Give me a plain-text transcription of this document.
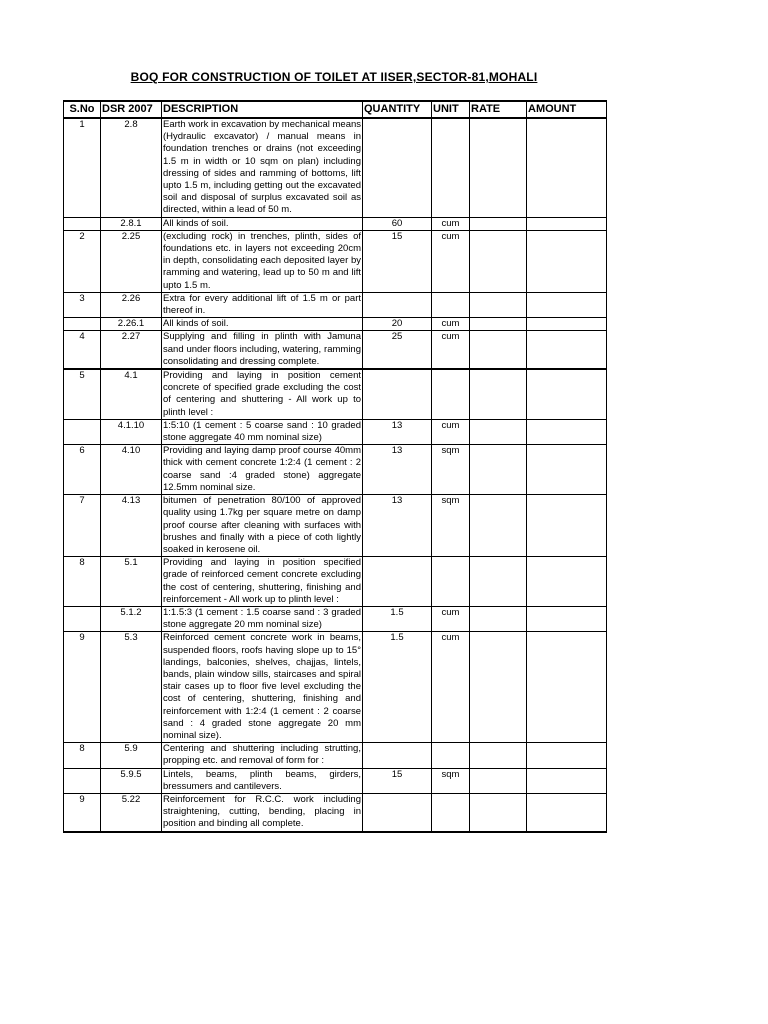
BOQ FOR CONSTRUCTION OF TOILET AT IISER,SECTOR-81,MOHALI
S.No	DSR 2007	DESCRIPTION	QUANTITY	UNIT	RATE	AMOUNT
1	2.8	Earth work in excavation by mechanical means (Hydraulic excavator) / manual means in foundation trenches or drains (not exceeding 1.5 m in width or 10 sqm on plan) including dressing of sides and ramming of bottoms, lift upto 1.5 m, including getting out the excavated soil and disposal of surplus excavated soil as directed, within a lead of 50 m.				
	2.8.1	All kinds of soil.	60	cum		
2	2.25	(excluding rock) in trenches, plinth, sides of foundations etc. in layers not exceeding 20cm in depth, consolidating each deposited layer by ramming and watering, lead up to 50 m and lift upto 1.5 m.	15	cum		
3	2.26	Extra for every additional lift of 1.5 m or part thereof in.				
	2.26.1	All kinds of soil.	20	cum		
4	2.27	Supplying and filling in plinth with Jamuna sand under floors including, watering, ramming consolidating and dressing complete.	25	cum		
5	4.1	Providing and laying in position cement concrete of specified grade excluding the cost of centering and shuttering - All work up to plinth level :				
	4.1.10	1:5:10 (1 cement : 5 coarse sand : 10 graded stone aggregate 40 mm nominal size)	13	cum		
6	4.10	Providing and laying damp proof course 40mm thick with cement concrete 1:2:4 (1 cement : 2 coarse sand :4 graded stone) aggregate 12.5mm nominal size.	13	sqm		
7	4.13	bitumen of penetration 80/100 of approved quality using 1.7kg per square metre on damp proof course after cleaning with surfaces with brushes and finally with a piece of coth lightly soaked in kerosene oil.	13	sqm		
8	5.1	Providing and laying in position specified grade of reinforced cement concrete excluding the cost of centering, shuttering, finishing and reinforcement - All work up to plinth level :				
	5.1.2	1:1.5:3 (1 cement : 1.5 coarse sand : 3 graded stone aggregate 20 mm nominal size)	1.5	cum		
9	5.3	Reinforced cement concrete work in beams, suspended floors, roofs having slope up to 15° landings, balconies, shelves, chajjas, lintels, bands, plain window sills, staircases and spiral stair cases up to floor five level excluding the cost of centering, shuttering, finishing and reinforcement with 1:2:4 (1 cement : 2 coarse sand : 4 graded stone aggregate 20 mm nominal size).	1.5	cum		
8	5.9	Centering and shuttering including strutting, propping etc. and removal of form for :				
	5.9.5	Lintels, beams, plinth beams, girders, bressumers and cantilevers.	15	sqm		
9	5.22	Reinforcement for R.C.C. work including straightening, cutting, bending, placing in position and binding all complete.				
